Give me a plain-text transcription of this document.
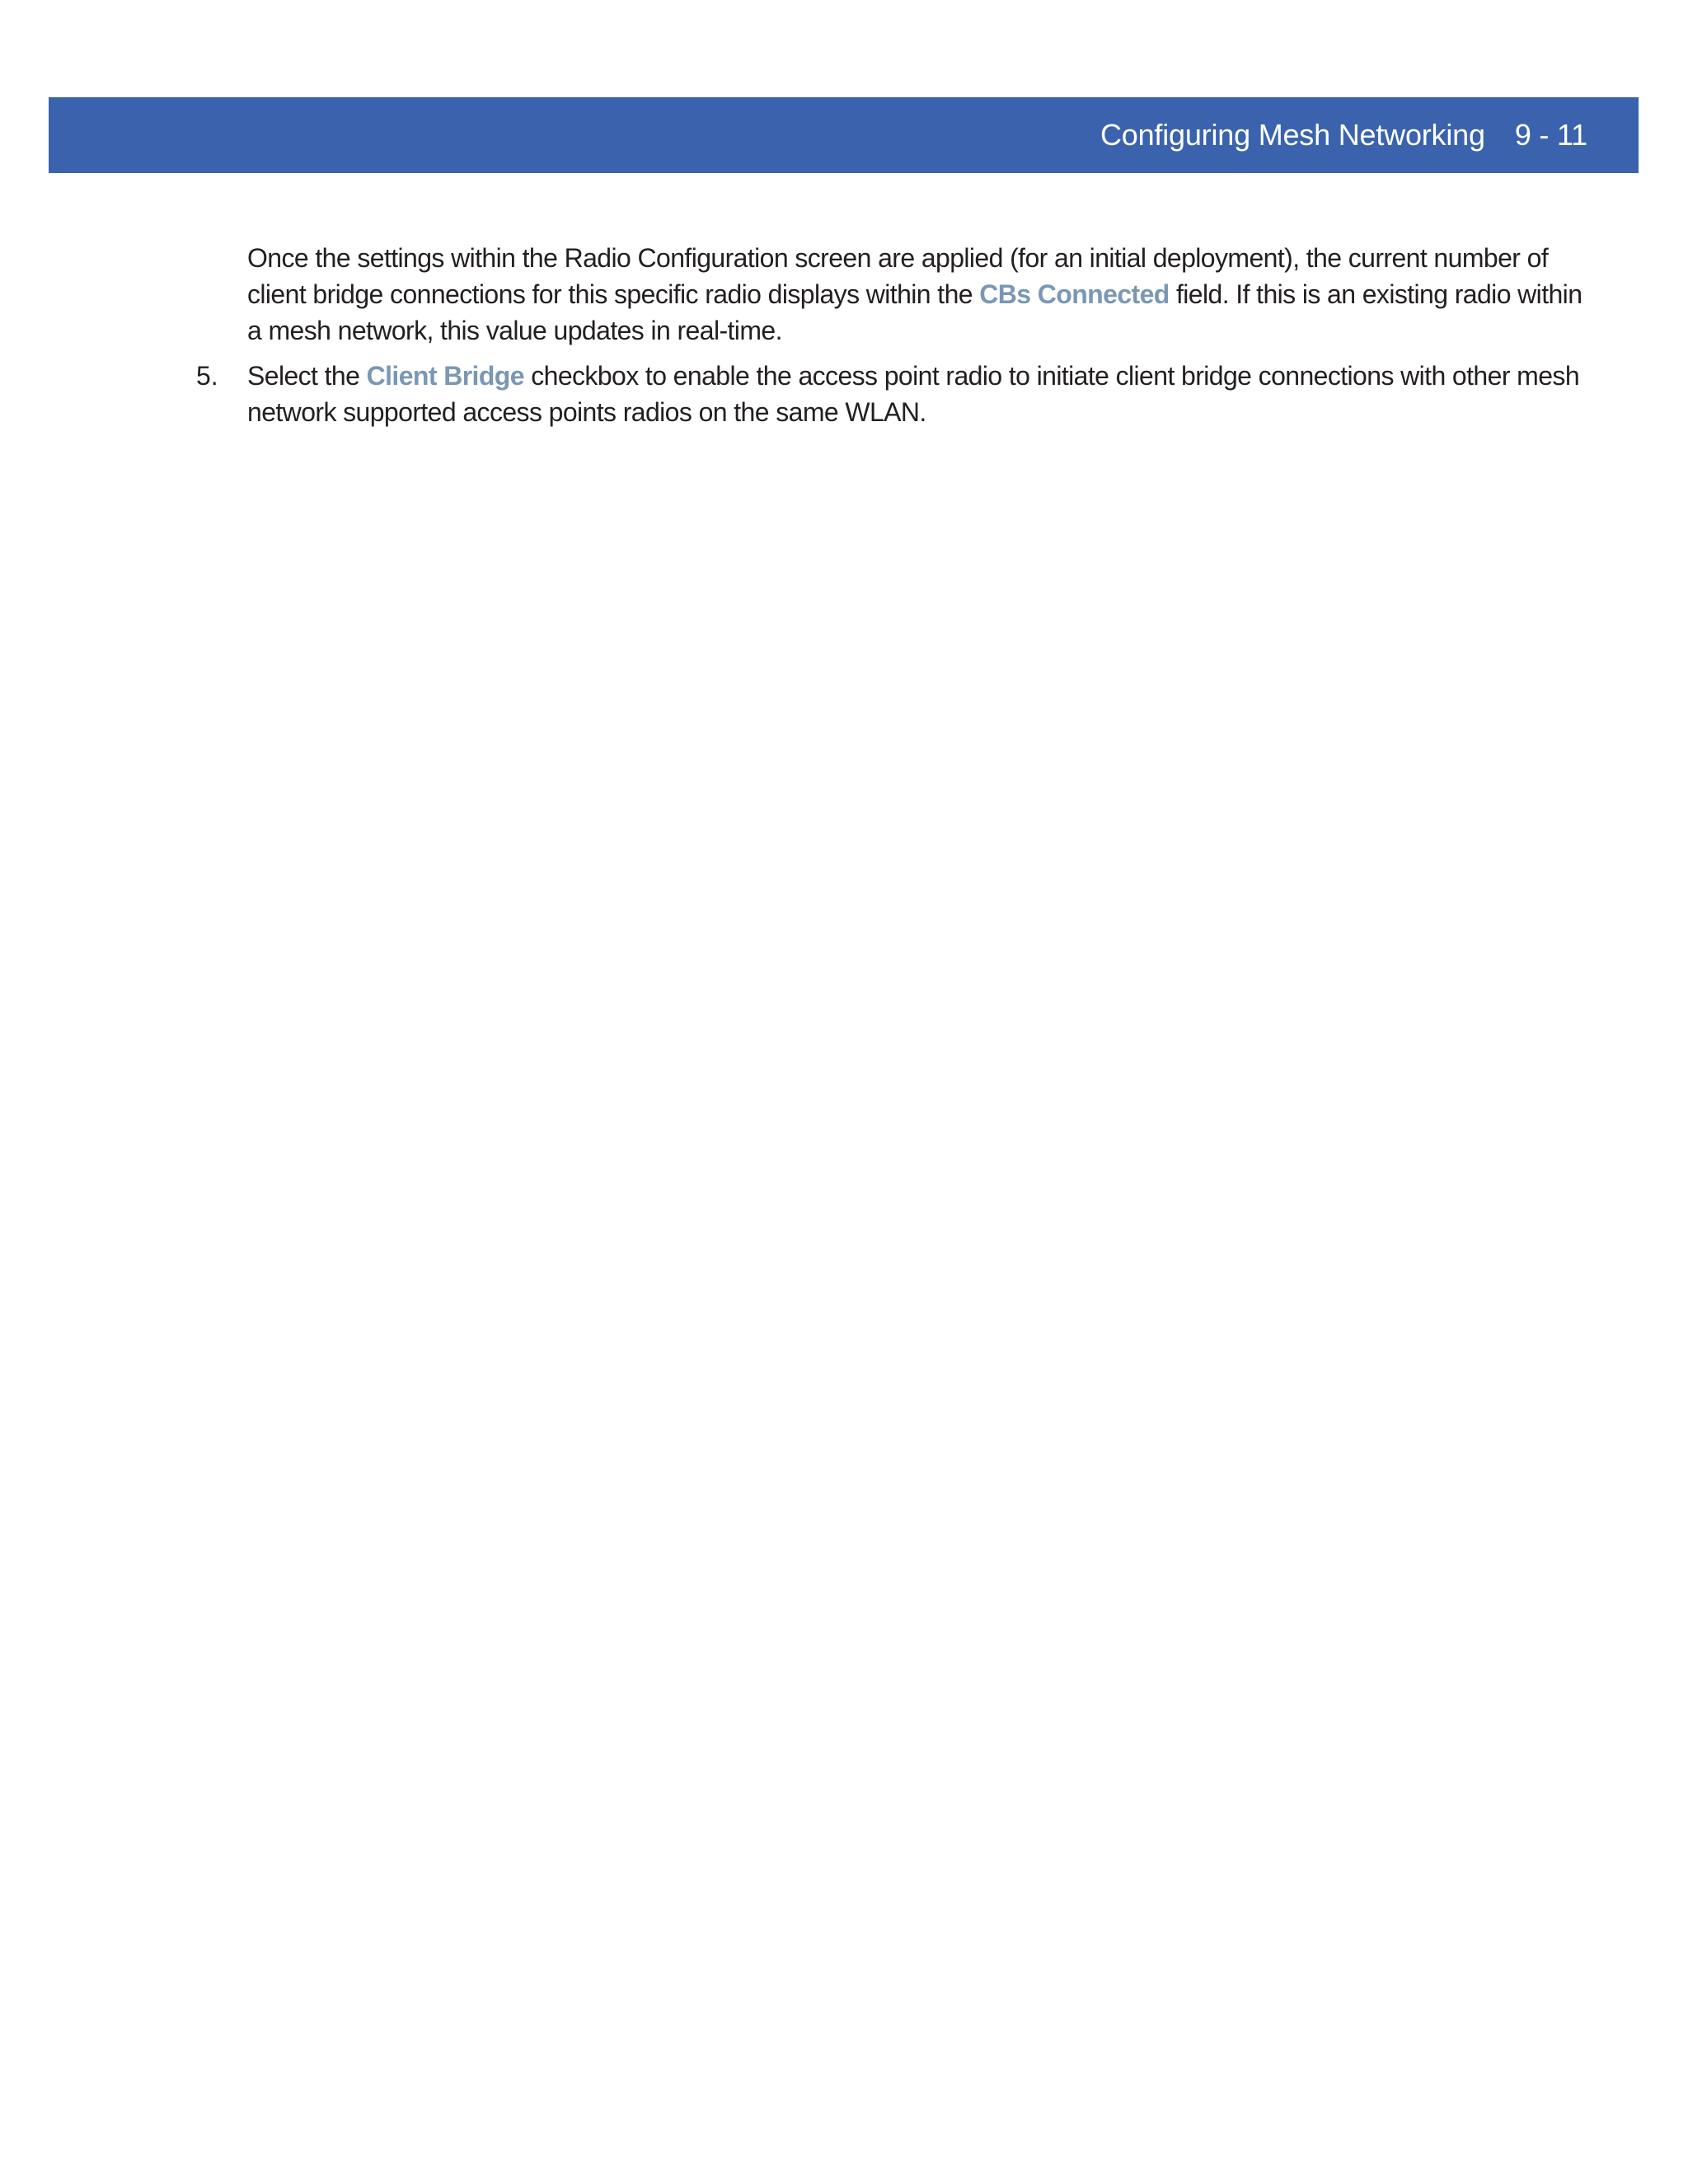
Configuring Mesh Networking 9 - 11
Once the settings within the Radio Configuration screen are applied (for an initial deployment), the current number of client bridge connections for this specific radio displays within the CBs Connected field. If this is an existing radio within a mesh network, this value updates in real-time.
5. Select the Client Bridge checkbox to enable the access point radio to initiate client bridge connections with other mesh network supported access points radios on the same WLAN.
